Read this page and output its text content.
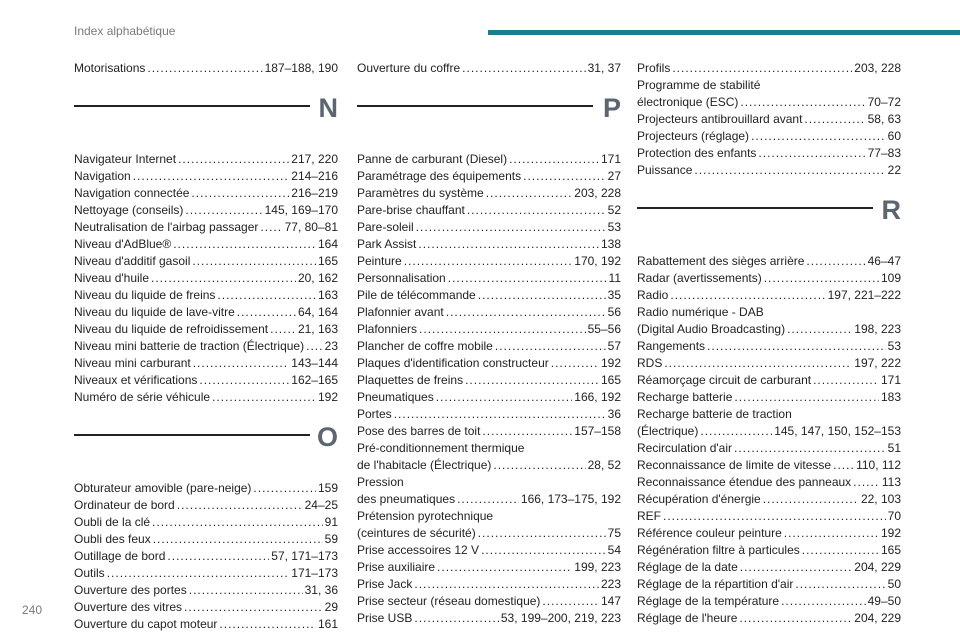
Index alphabétique
Motorisations .....	187–188, 190
N
Navigateur Internet .....	217, 220
Navigation .....	214–216
Navigation connectée .....	216–219
Nettoyage (conseils) .....	145, 169–170
Neutralisation de l'airbag passager ..... 77, 80–81
Niveau d'AdBlue® .....	164
Niveau d'additif gasoil .....	165
Niveau d'huile .....	20, 162
Niveau du liquide de freins .....	163
Niveau du liquide de lave-vitre .....	64, 164
Niveau du liquide de refroidissement ..... 21, 163
Niveau mini batterie de traction (Électrique) ..... 23
Niveau mini carburant .....	143–144
Niveaux et vérifications .....	162–165
Numéro de série véhicule .....	192
O
Obturateur amovible (pare-neige) .....	159
Ordinateur de bord .....	24–25
Oubli de la clé .....	91
Oubli des feux .....	59
Outillage de bord .....	57, 171–173
Outils .....	171–173
Ouverture des portes .....	31, 36
Ouverture des vitres .....	29
Ouverture du capot moteur .....	161
Ouverture du coffre .....	31, 37
P
Panne de carburant (Diesel) .....	171
Paramétrage des équipements .....	27
Paramètres du système .....	203, 228
Pare-brise chauffant .....	52
Pare-soleil .....	53
Park Assist .....	138
Peinture .....	170, 192
Personnalisation .....	11
Pile de télécommande .....	35
Plafonnier avant .....	56
Plafonniers .....	55–56
Plancher de coffre mobile .....	57
Plaques d'identification constructeur .....	192
Plaquettes de freins .....	165
Pneumatiques .....	166, 192
Portes .....	36
Pose des barres de toit .....	157–158
Pré-conditionnement thermique
de l'habitacle (Électrique) .....	28, 52
Pression
des pneumatiques .....	166, 173–175, 192
Prétension pyrotechnique
(ceintures de sécurité) .....	75
Prise accessoires 12 V .....	54
Prise auxiliaire .....	199, 223
Prise Jack .....	223
Prise secteur (réseau domestique) .....	147
Prise USB .....	53, 199–200, 219, 223
Profils .....	203, 228
Programme de stabilité
électronique (ESC) .....	70–72
Projecteurs antibrouillard avant .....	58, 63
Projecteurs (réglage) .....	60
Protection des enfants .....	77–83
Puissance .....	22
R
Rabattement des sièges arrière .....	46–47
Radar (avertissements) .....	109
Radio .....	197, 221–222
Radio numérique - DAB
(Digital Audio Broadcasting) .....	198, 223
Rangements .....	53
RDS .....	197, 222
Réamorçage circuit de carburant .....	171
Recharge batterie .....	183
Recharge batterie de traction
(Électrique) .....	145, 147, 150, 152–153
Recirculation d'air .....	51
Reconnaissance de limite de vitesse ..... 110, 112
Reconnaissance étendue des panneaux .....	113
Récupération d'énergie .....	22, 103
REF .....	70
Référence couleur peinture .....	192
Régénération filtre à particules .....	165
Réglage de la date .....	204, 229
Réglage de la répartition d'air .....	50
Réglage de la température .....	49–50
Réglage de l'heure .....	204, 229
240
